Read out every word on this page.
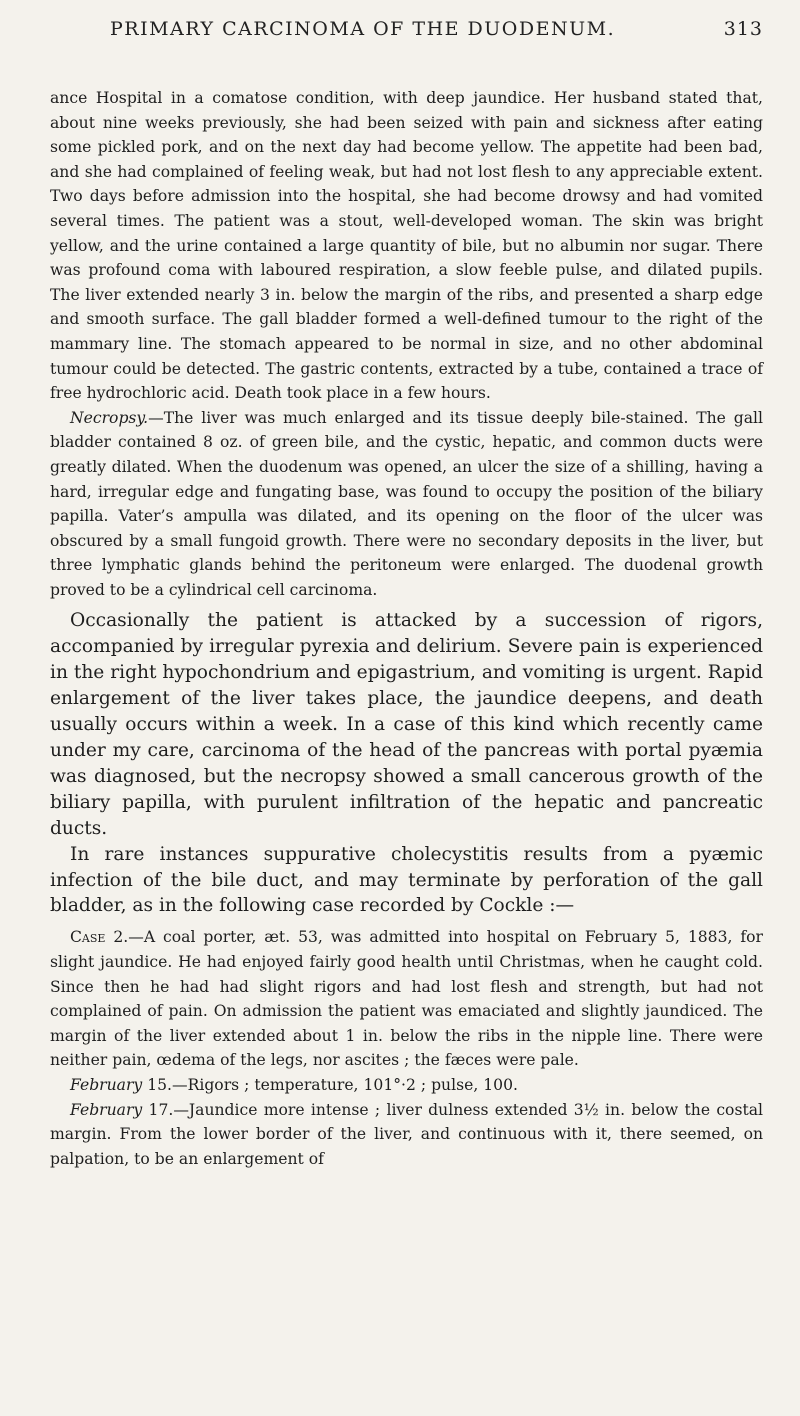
PRIMARY CARCINOMA OF THE DUODENUM.	313

ance Hospital in a comatose condition, with deep jaundice. Her husband stated that, about nine weeks previously, she had been seized with pain and sickness after eating some pickled pork, and on the next day had become yellow. The appetite had been bad, and she had complained of feeling weak, but had not lost flesh to any appreciable extent. Two days before admission into the hospital, she had become drowsy and had vomited several times. The patient was a stout, well-developed woman. The skin was bright yellow, and the urine contained a large quantity of bile, but no albumin nor sugar. There was profound coma with laboured respiration, a slow feeble pulse, and dilated pupils. The liver extended nearly 3 in. below the margin of the ribs, and presented a sharp edge and smooth surface. The gall bladder formed a well-defined tumour to the right of the mammary line. The stomach appeared to be normal in size, and no other abdominal tumour could be detected. The gastric contents, extracted by a tube, contained a trace of free hydrochloric acid. Death took place in a few hours.

Necropsy.—The liver was much enlarged and its tissue deeply bile-stained. The gall bladder contained 8 oz. of green bile, and the cystic, hepatic, and common ducts were greatly dilated. When the duodenum was opened, an ulcer the size of a shilling, having a hard, irregular edge and fungating base, was found to occupy the position of the biliary papilla. Vater’s ampulla was dilated, and its opening on the floor of the ulcer was obscured by a small fungoid growth. There were no secondary deposits in the liver, but three lymphatic glands behind the peritoneum were enlarged. The duodenal growth proved to be a cylindrical cell carcinoma.

Occasionally the patient is attacked by a succession of rigors, accompanied by irregular pyrexia and delirium. Severe pain is experienced in the right hypochondrium and epigastrium, and vomiting is urgent. Rapid enlargement of the liver takes place, the jaundice deepens, and death usually occurs within a week. In a case of this kind which recently came under my care, carcinoma of the head of the pancreas with portal pyæmia was diagnosed, but the necropsy showed a small cancerous growth of the biliary papilla, with purulent infiltration of the hepatic and pancreatic ducts.

In rare instances suppurative cholecystitis results from a pyæmic infection of the bile duct, and may terminate by perforation of the gall bladder, as in the following case recorded by Cockle :—

Case 2.—A coal porter, æt. 53, was admitted into hospital on February 5, 1883, for slight jaundice. He had enjoyed fairly good health until Christmas, when he caught cold. Since then he had had slight rigors and had lost flesh and strength, but had not complained of pain. On admission the patient was emaciated and slightly jaundiced. The margin of the liver extended about 1 in. below the ribs in the nipple line. There were neither pain, œdema of the legs, nor ascites ; the fæces were pale.

February 15.—Rigors ; temperature, 101°·2 ; pulse, 100.

February 17.—Jaundice more intense ; liver dulness extended 3½ in. below the costal margin. From the lower border of the liver, and continuous with it, there seemed, on palpation, to be an enlargement of
